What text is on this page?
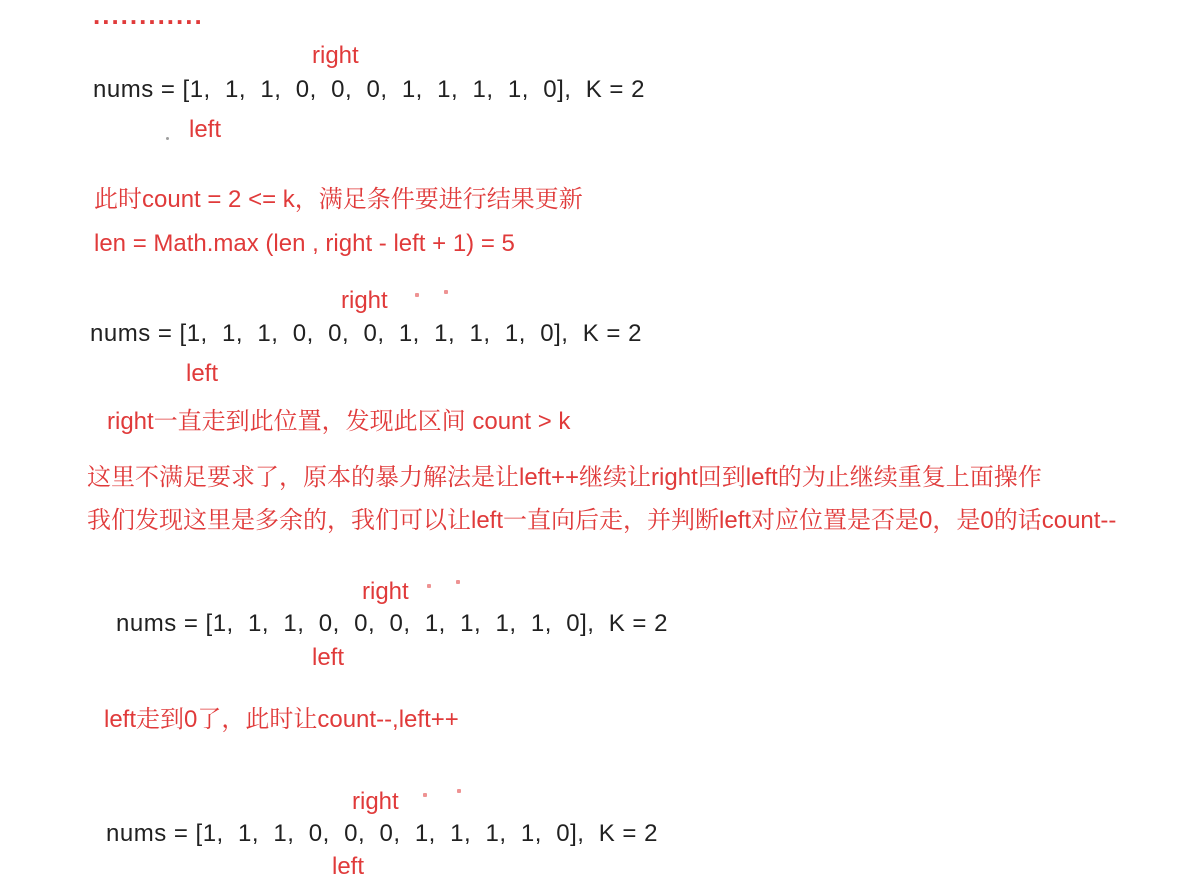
............
right
nums = [1,  1,  1,  0,  0,  0,  1,  1,  1,  1,  0],  K = 2
left
此时count = 2 <= k，满足条件要进行结果更新
len = Math.max (len , right - left + 1) = 5
right
nums = [1,  1,  1,  0,  0,  0,  1,  1,  1,  1,  0],  K = 2
left
right一直走到此位置，发现此区间 count > k
这里不满足要求了，原本的暴力解法是让left++继续让right回到left的为止继续重复上面操作
我们发现这里是多余的，我们可以让left一直向后走，并判断left对应位置是否是0，是0的话count--
right
nums = [1,  1,  1,  0,  0,  0,  1,  1,  1,  1,  0],  K = 2
left
left走到0了，此时让count--,left++
right
nums = [1,  1,  1,  0,  0,  0,  1,  1,  1,  1,  0],  K = 2
left
